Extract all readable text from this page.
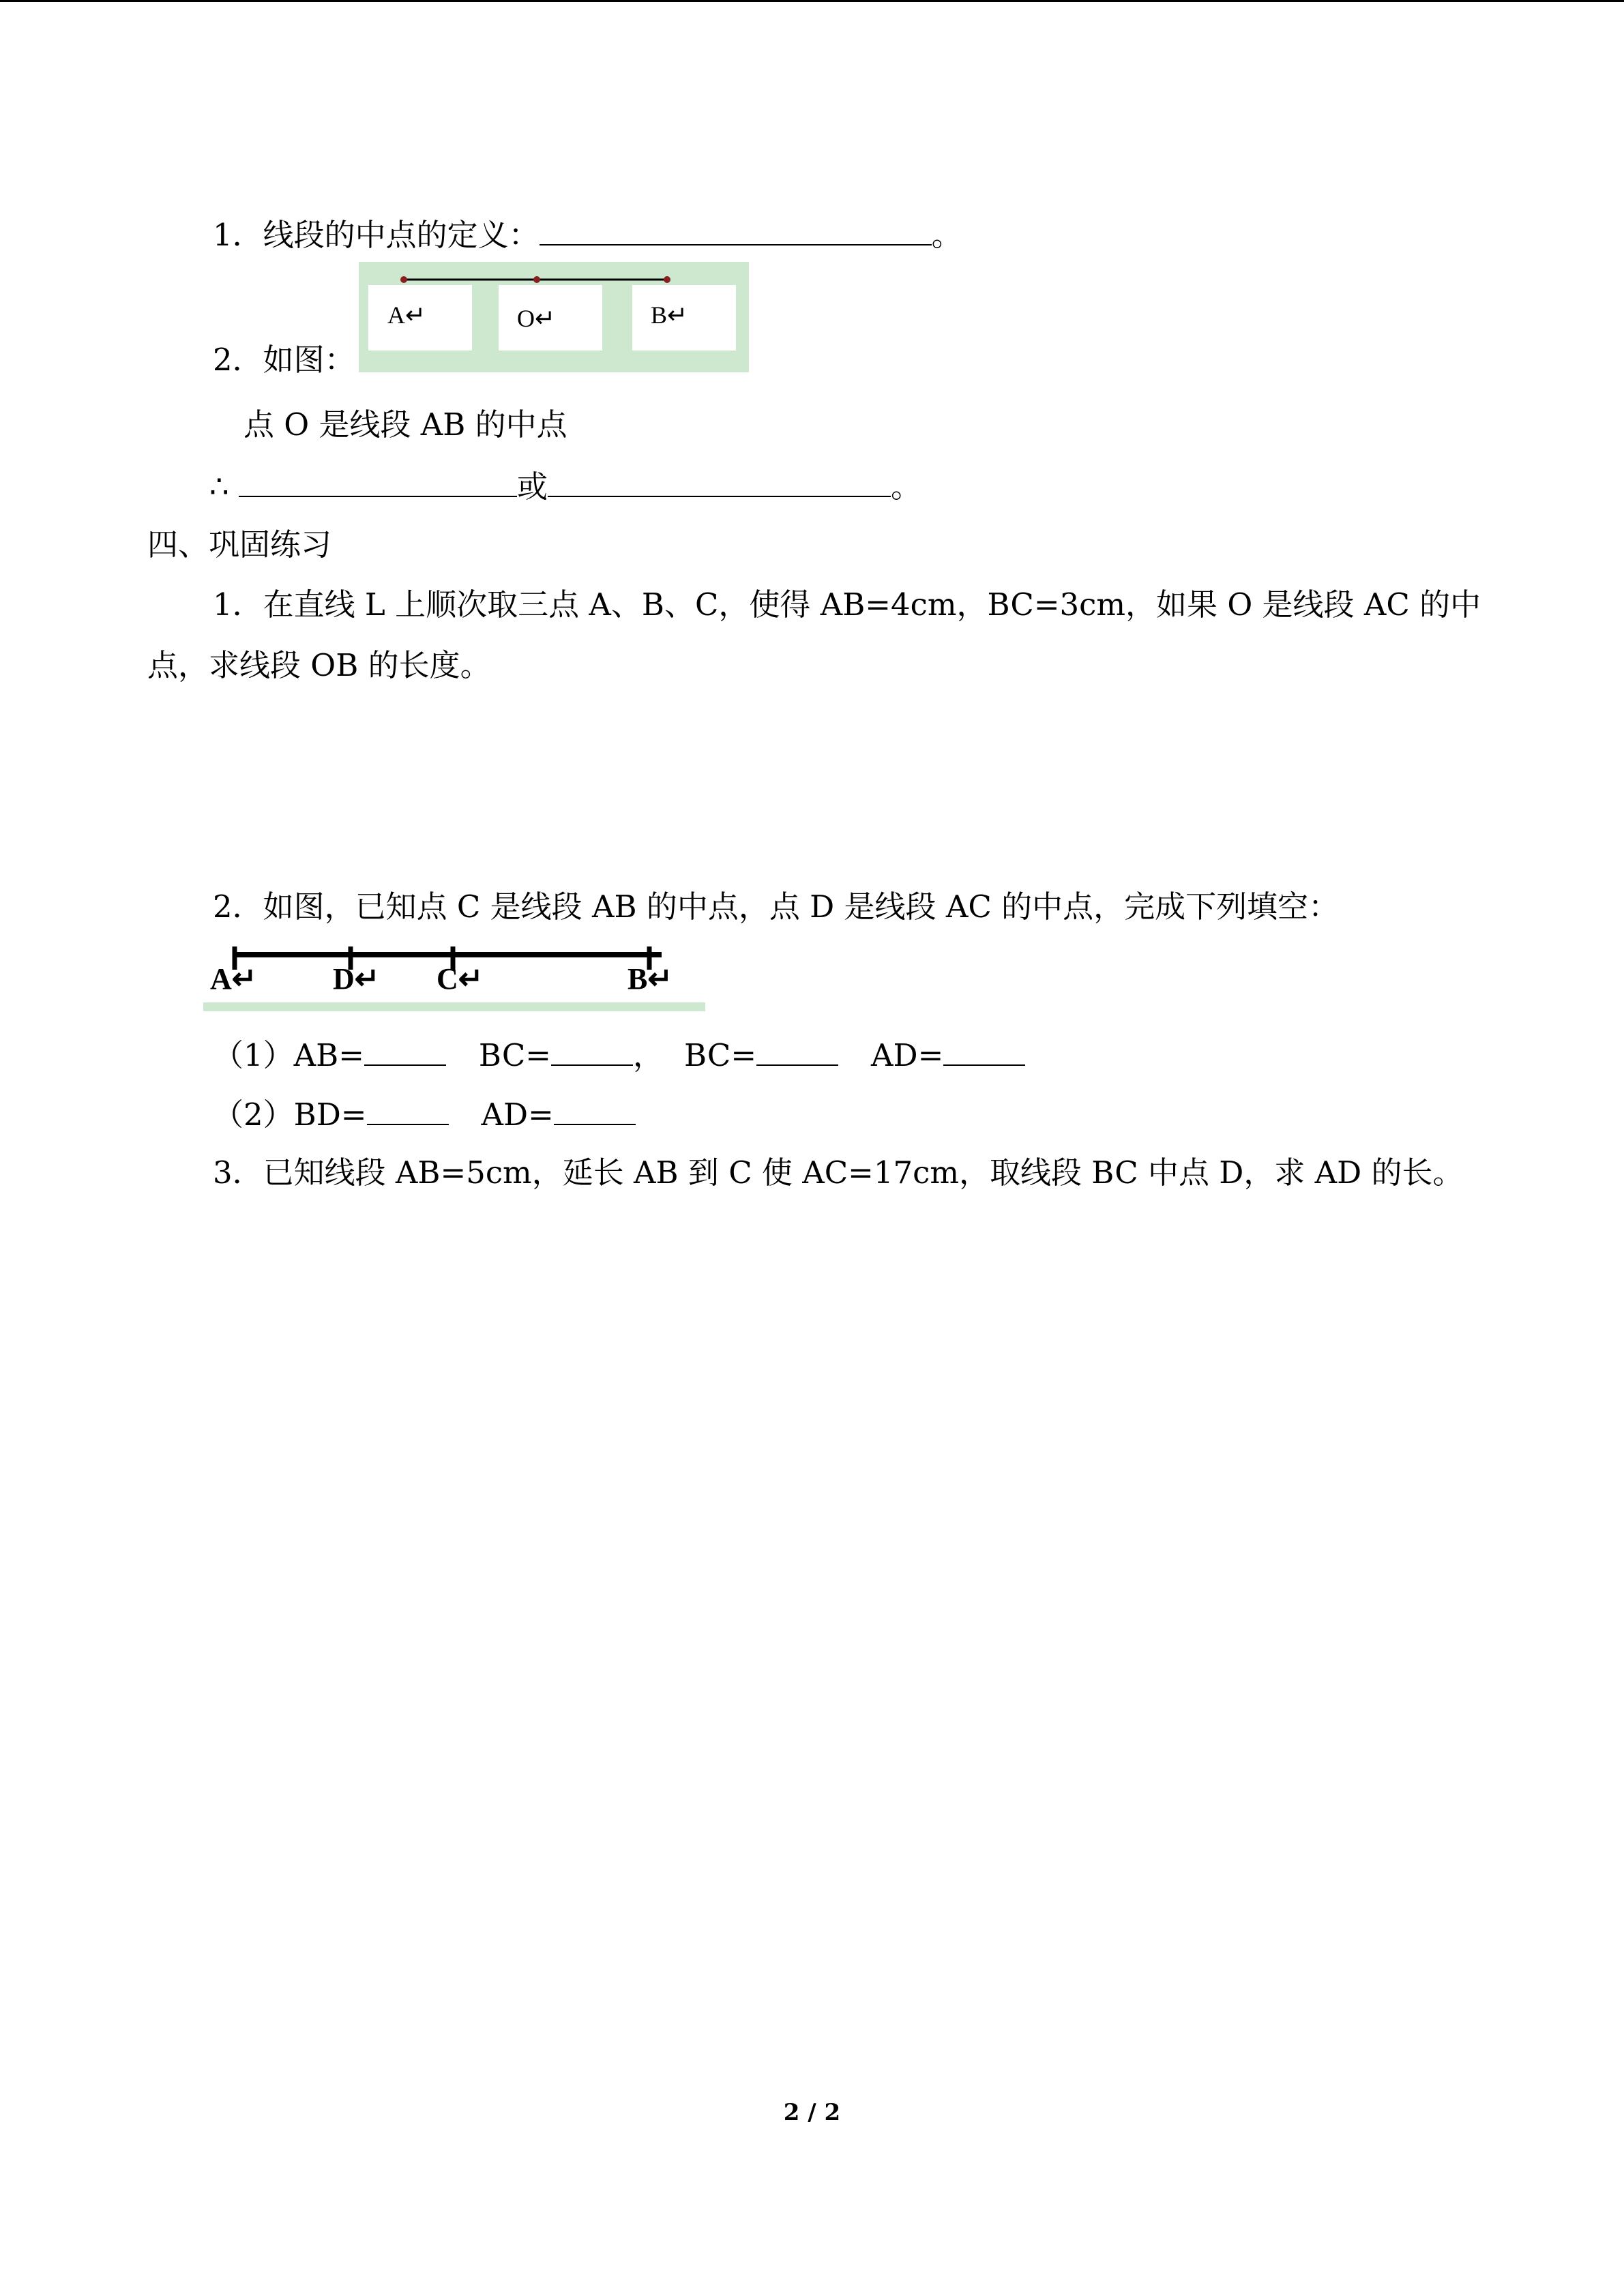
1．线段的中点的定义：	。
A↵	O↵	B↵
2．如图：
点 O 是线段 AB 的中点
∴	或	。
四、巩固练习
1．在直线 L 上顺次取三点 A、B、C，使得 AB=4cm，BC=3cm，如果 O 是线段 AC 的中
点，求线段 OB 的长度。
2．如图，已知点 C 是线段 AB 的中点，点 D 是线段 AC 的中点，完成下列填空：
A↵	D↵ C↵	B↵
（1）AB=	BC=	， BC=	AD=
（2）BD=	AD=
3．已知线段 AB=5cm，延长 AB 到 C 使 AC=17cm，取线段 BC 中点 D，求 AD 的长。
2 / 2
